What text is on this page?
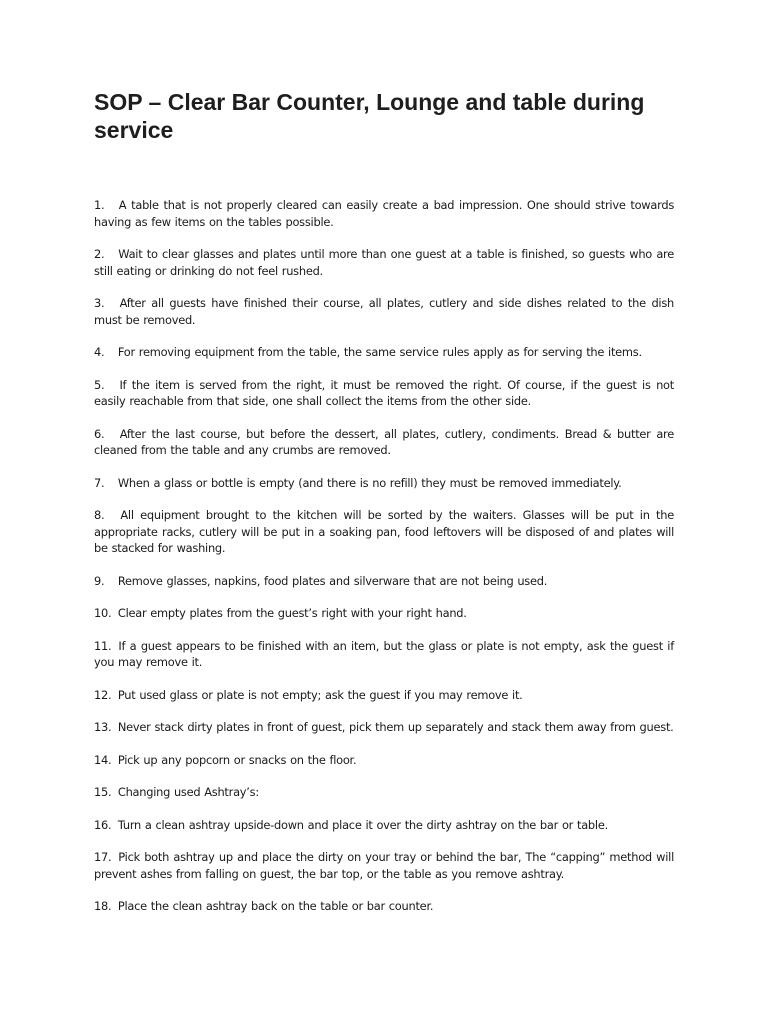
SOP – Clear Bar Counter, Lounge and table during service
1. A table that is not properly cleared can easily create a bad impression. One should strive towards having as few items on the tables possible.
2. Wait to clear glasses and plates until more than one guest at a table is finished, so guests who are still eating or drinking do not feel rushed.
3. After all guests have finished their course, all plates, cutlery and side dishes related to the dish must be removed.
4. For removing equipment from the table, the same service rules apply as for serving the items.
5. If the item is served from the right, it must be removed the right. Of course, if the guest is not easily reachable from that side, one shall collect the items from the other side.
6. After the last course, but before the dessert, all plates, cutlery, condiments. Bread & butter are cleaned from the table and any crumbs are removed.
7. When a glass or bottle is empty (and there is no refill) they must be removed immediately.
8. All equipment brought to the kitchen will be sorted by the waiters. Glasses will be put in the appropriate racks, cutlery will be put in a soaking pan, food leftovers will be disposed of and plates will be stacked for washing.
9. Remove glasses, napkins, food plates and silverware that are not being used.
10. Clear empty plates from the guest’s right with your right hand.
11. If a guest appears to be finished with an item, but the glass or plate is not empty, ask the guest if you may remove it.
12. Put used glass or plate is not empty; ask the guest if you may remove it.
13. Never stack dirty plates in front of guest, pick them up separately and stack them away from guest.
14. Pick up any popcorn or snacks on the floor.
15. Changing used Ashtray’s:
16. Turn a clean ashtray upside-down and place it over the dirty ashtray on the bar or table.
17. Pick both ashtray up and place the dirty on your tray or behind the bar, The “capping” method will prevent ashes from falling on guest, the bar top, or the table as you remove ashtray.
18. Place the clean ashtray back on the table or bar counter.
